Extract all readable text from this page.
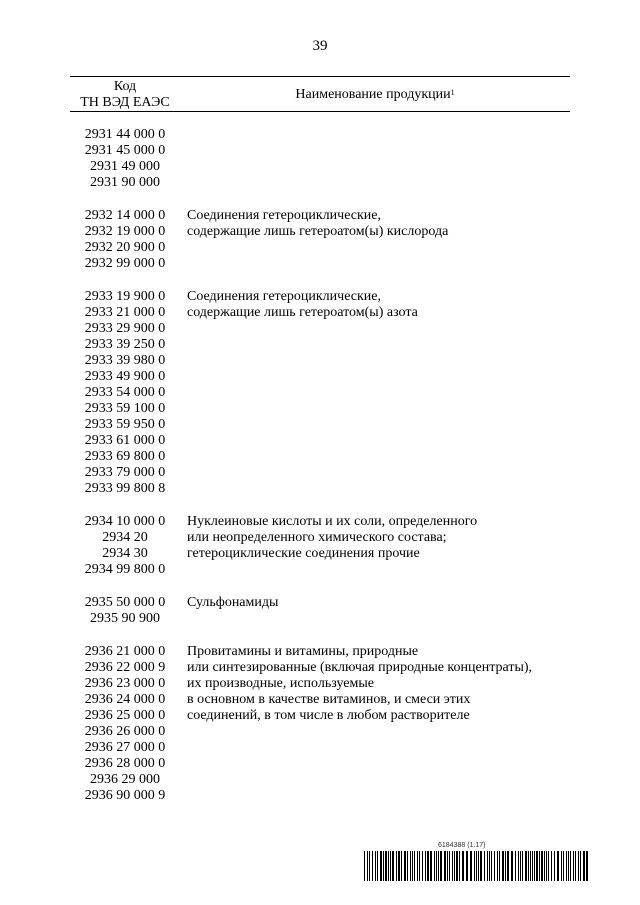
39
Код
ТН ВЭД ЕАЭС
Наименование продукции$^1$
2931 44 000 0
2931 45 000 0
2931 49 000
2931 90 000
2932 14 000 0
2932 19 000 0
2932 20 900 0
2932 99 000 0
Соединения гетероциклические,
содержащие лишь гетероатом(ы) кислорода
2933 19 900 0
2933 21 000 0
2933 29 900 0
2933 39 250 0
2933 39 980 0
2933 49 900 0
2933 54 000 0
2933 59 100 0
2933 59 950 0
2933 61 000 0
2933 69 800 0
2933 79 000 0
2933 99 800 8
Соединения гетероциклические,
содержащие лишь гетероатом(ы) азота
2934 10 000 0
2934 20
2934 30
2934 99 800 0
Нуклеиновые кислоты и их соли, определенного
или неопределенного химического состава;
гетероциклические соединения прочие
2935 50 000 0
2935 90 900
Сульфонамиды
2936 21 000 0
2936 22 000 9
2936 23 000 0
2936 24 000 0
2936 25 000 0
2936 26 000 0
2936 27 000 0
2936 28 000 0
2936 29 000
2936 90 000 9
Провитамины и витамины, природные
или синтезированные (включая природные концентраты),
их производные, используемые
в основном в качестве витаминов, и смеси этих
соединений, в том числе в любом растворителе
6184388 (1.17)
